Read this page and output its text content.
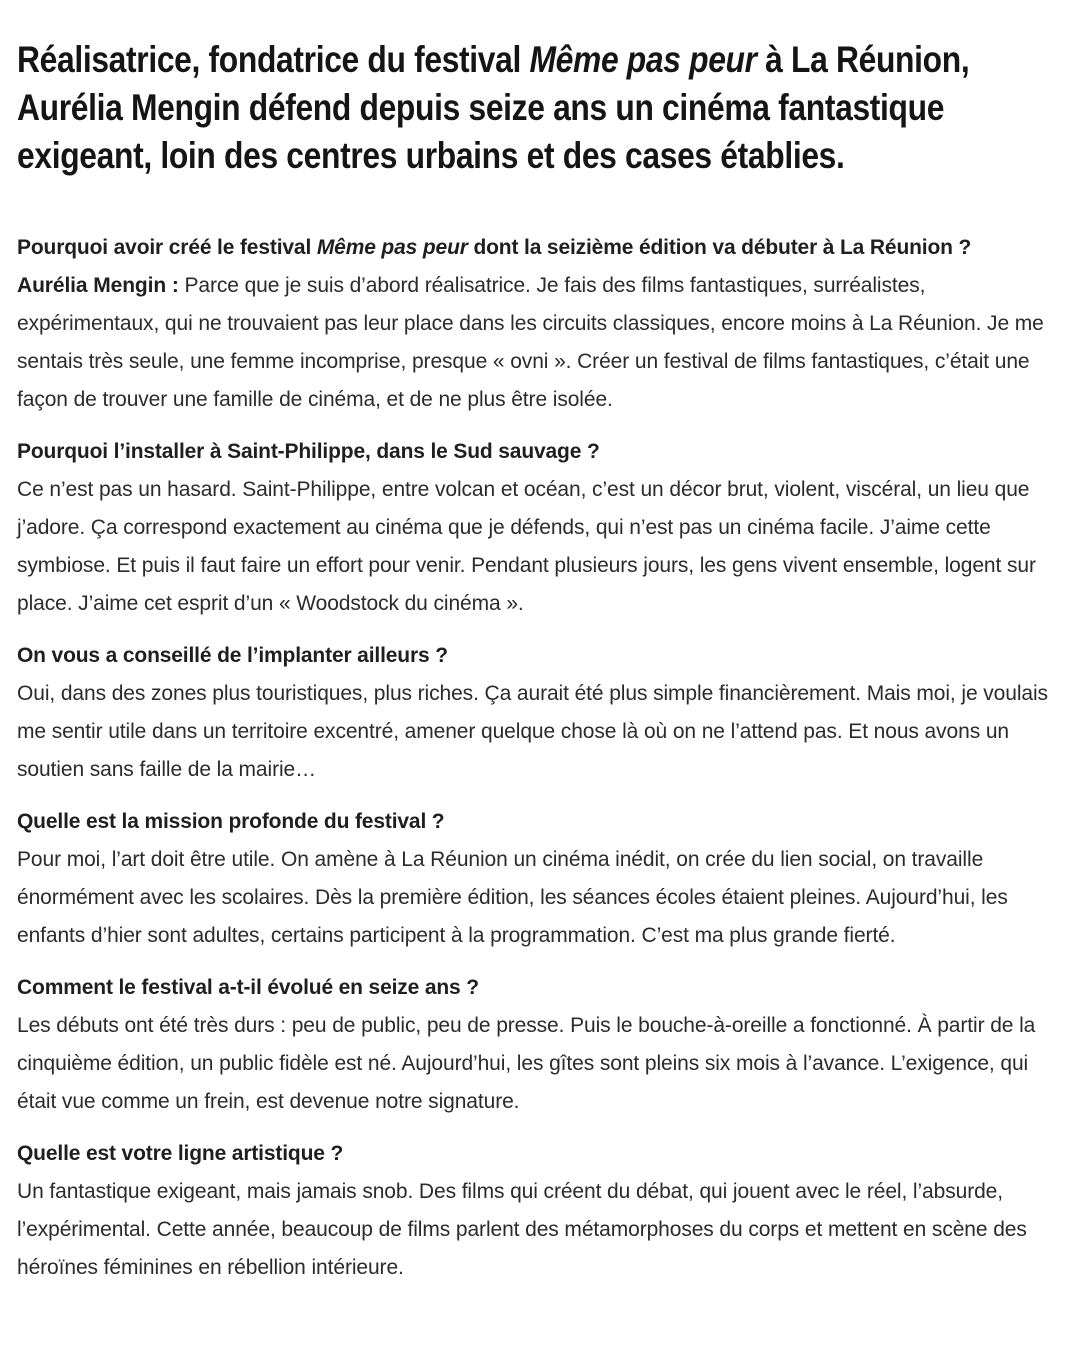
Réalisatrice, fondatrice du festival Même pas peur à La Réunion,
Aurélia Mengin défend depuis seize ans un cinéma fantastique
exigeant, loin des centres urbains et des cases établies.

Pourquoi avoir créé le festival Même pas peur dont la seizième édition va débuter à La Réunion ?

Aurélia Mengin : Parce que je suis d’abord réalisatrice. Je fais des films fantastiques, surréalistes, expérimentaux, qui ne trouvaient pas leur place dans les circuits classiques, encore moins à La Réunion. Je me sentais très seule, une femme incomprise, presque « ovni ». Créer un festival de films fantastiques, c’était une façon de trouver une famille de cinéma, et de ne plus être isolée.

Pourquoi l’installer à Saint-Philippe, dans le Sud sauvage ?

Ce n’est pas un hasard. Saint-Philippe, entre volcan et océan, c’est un décor brut, violent, viscéral, un lieu que j’adore. Ça correspond exactement au cinéma que je défends, qui n’est pas un cinéma facile. J’aime cette symbiose. Et puis il faut faire un effort pour venir. Pendant plusieurs jours, les gens vivent ensemble, logent sur place. J’aime cet esprit d’un « Woodstock du cinéma ».

On vous a conseillé de l’implanter ailleurs ?

Oui, dans des zones plus touristiques, plus riches. Ça aurait été plus simple financièrement. Mais moi, je voulais me sentir utile dans un territoire excentré, amener quelque chose là où on ne l’attend pas. Et nous avons un soutien sans faille de la mairie…

Quelle est la mission profonde du festival ?

Pour moi, l’art doit être utile. On amène à La Réunion un cinéma inédit, on crée du lien social, on travaille énormément avec les scolaires. Dès la première édition, les séances écoles étaient pleines. Aujourd’hui, les enfants d’hier sont adultes, certains participent à la programmation. C’est ma plus grande fierté.

Comment le festival a-t-il évolué en seize ans ?

Les débuts ont été très durs : peu de public, peu de presse. Puis le bouche-à-oreille a fonctionné. À partir de la cinquième édition, un public fidèle est né. Aujourd’hui, les gîtes sont pleins six mois à l’avance. L’exigence, qui était vue comme un frein, est devenue notre signature.

Quelle est votre ligne artistique ?

Un fantastique exigeant, mais jamais snob. Des films qui créent du débat, qui jouent avec le réel, l’absurde, l’expérimental. Cette année, beaucoup de films parlent des métamorphoses du corps et mettent en scène des héroïnes féminines en rébellion intérieure.
